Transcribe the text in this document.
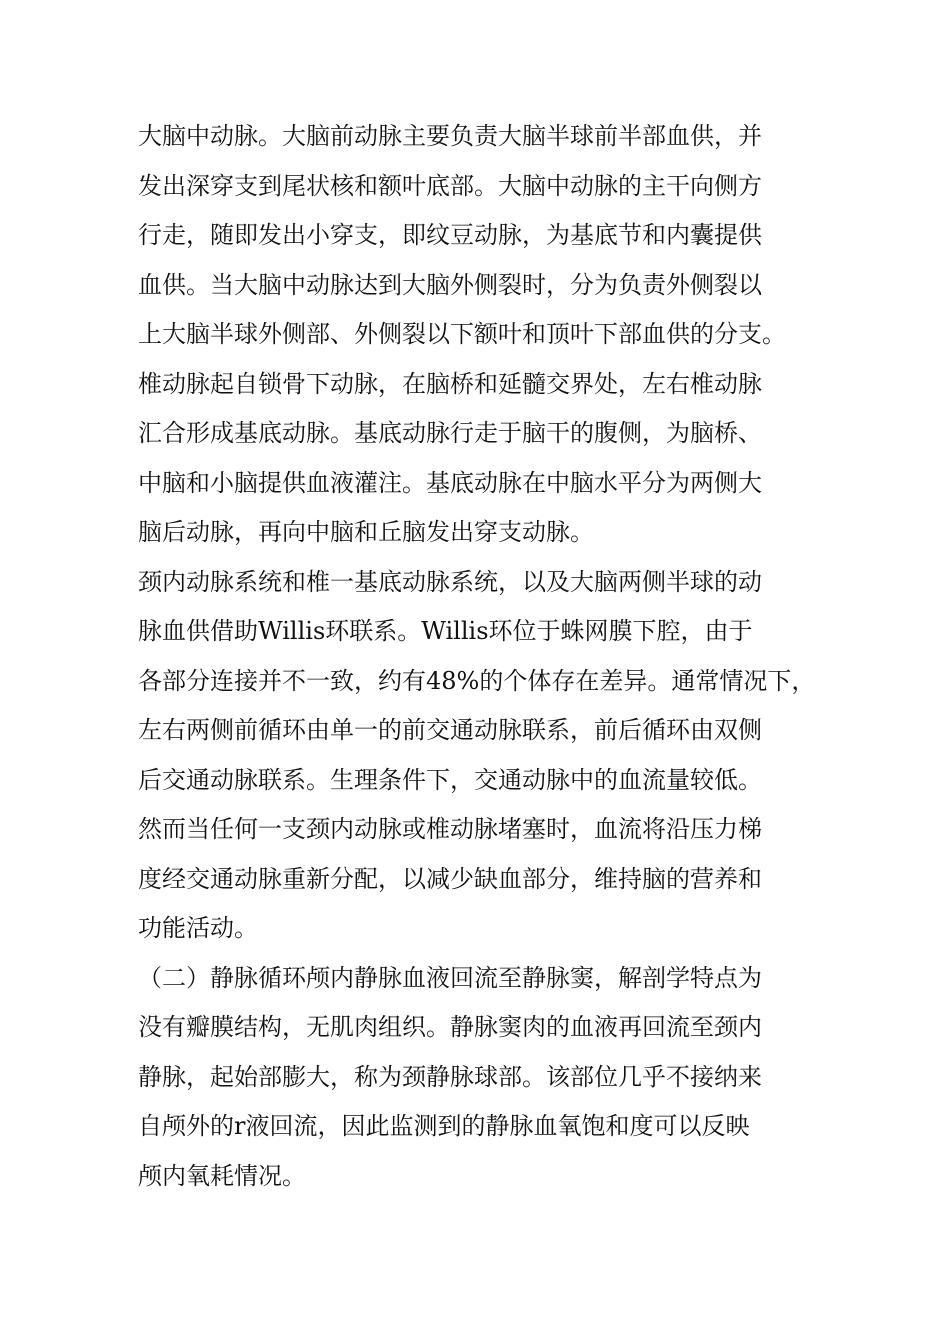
大脑中动脉。大脑前动脉主要负责大脑半球前半部血供，并
发出深穿支到尾状核和额叶底部。大脑中动脉的主干向侧方
行走，随即发出小穿支，即纹豆动脉，为基底节和内囊提供
血供。当大脑中动脉达到大脑外侧裂时，分为负责外侧裂以
上大脑半球外侧部、外侧裂以下额叶和顶叶下部血供的分支。
椎动脉起自锁骨下动脉，在脑桥和延髓交界处，左右椎动脉
汇合形成基底动脉。基底动脉行走于脑干的腹侧，为脑桥、
中脑和小脑提供血液灌注。基底动脉在中脑水平分为两侧大
脑后动脉，再向中脑和丘脑发出穿支动脉。
颈内动脉系统和椎一基底动脉系统，以及大脑两侧半球的动
脉血供借助Willis环联系。Willis环位于蛛网膜下腔，由于
各部分连接并不一致，约有48%的个体存在差异。通常情况下，
左右两侧前循环由单一的前交通动脉联系，前后循环由双侧
后交通动脉联系。生理条件下，交通动脉中的血流量较低。
然而当任何一支颈内动脉或椎动脉堵塞时，血流将沿压力梯
度经交通动脉重新分配，以减少缺血部分，维持脑的营养和
功能活动。
（二）静脉循环颅内静脉血液回流至静脉窦，解剖学特点为
没有瓣膜结构，无肌肉组织。静脉窦肉的血液再回流至颈内
静脉，起始部膨大，称为颈静脉球部。该部位几乎不接纳来
自颅外的r液回流，因此监测到的静脉血氧饱和度可以反映
颅内氧耗情况。
